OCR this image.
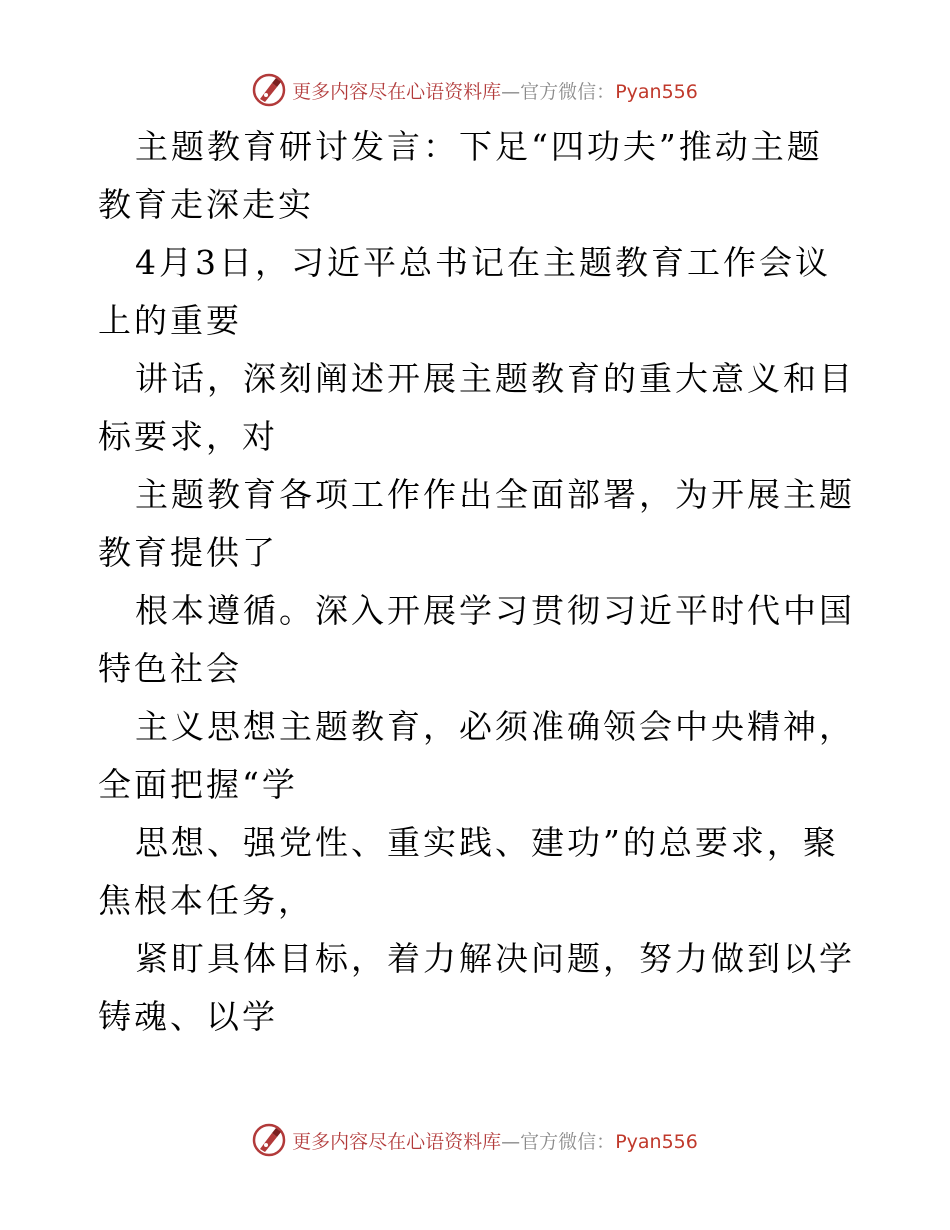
更多内容尽在心语资料库—官方微信：Pyan556

主题教育研讨发言：下足“四功夫”推动主题教育走深走实

4月3日，习近平总书记在主题教育工作会议上的重要

讲话，深刻阐述开展主题教育的重大意义和目标要求，对

主题教育各项工作作出全面部署，为开展主题教育提供了

根本遵循。深入开展学习贯彻习近平时代中国特色社会

主义思想主题教育，必须准确领会中央精神，全面把握“学

思想、强党性、重实践、建功”的总要求，聚焦根本任务，

紧盯具体目标，着力解决问题，努力做到以学铸魂、以学

更多内容尽在心语资料库—官方微信：Pyan556
